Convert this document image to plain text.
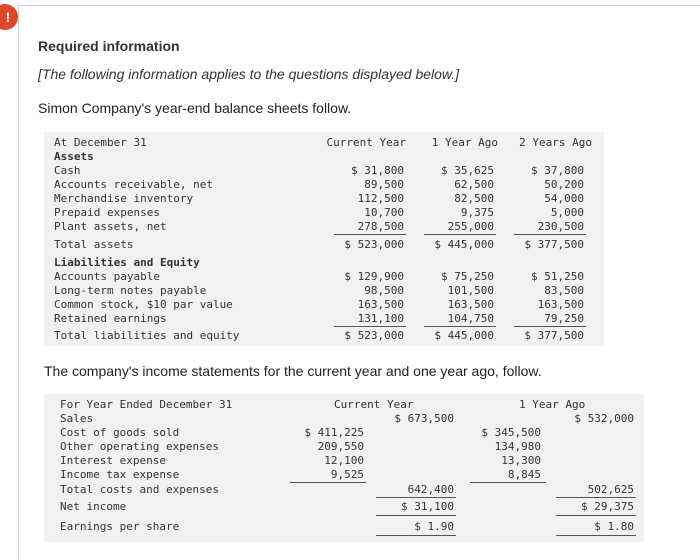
!
Required information
[The following information applies to the questions displayed below.]
Simon Company's year-end balance sheets follow.
At December 31	Current Year	1 Year Ago	2 Years Ago
Assets
Cash	$ 31,800	$ 35,625	$ 37,800
Accounts receivable, net	89,500	62,500	50,200
Merchandise inventory	112,500	82,500	54,000
Prepaid expenses	10,700	9,375	5,000
Plant assets, net	278,500	255,000	230,500
Total assets	$ 523,000	$ 445,000	$ 377,500
Liabilities and Equity
Accounts payable	$ 129,900	$ 75,250	$ 51,250
Long-term notes payable	98,500	101,500	83,500
Common stock, $10 par value	163,500	163,500	163,500
Retained earnings	131,100	104,750	79,250
Total liabilities and equity	$ 523,000	$ 445,000	$ 377,500
The company's income statements for the current year and one year ago, follow.
For Year Ended December 31	Current Year	1 Year Ago
Sales	$ 673,500	$ 532,000
Cost of goods sold	$ 411,225	$ 345,500
Other operating expenses	209,550	134,980
Interest expense	12,100	13,300
Income tax expense	9,525	8,845
Total costs and expenses	642,400	502,625
Net income	$ 31,100	$ 29,375
Earnings per share	$ 1.90	$ 1.80
